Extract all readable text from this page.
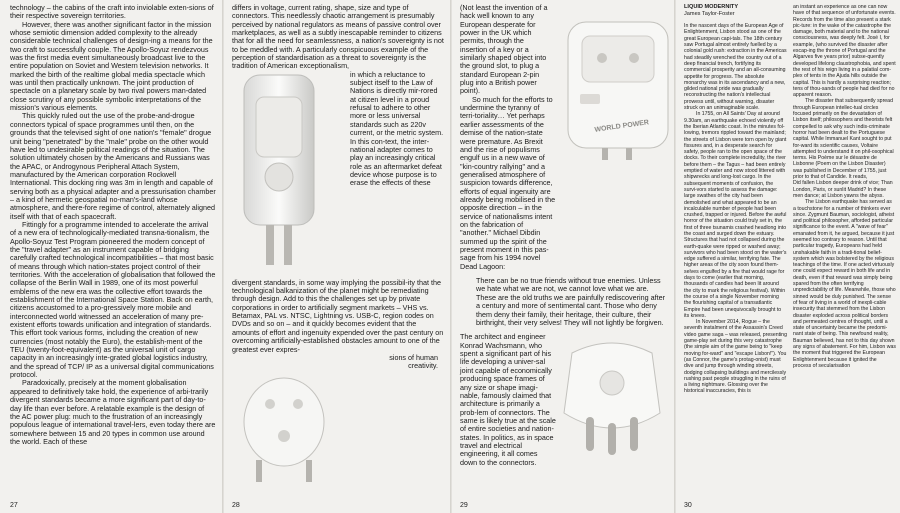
technology – the cabins of the craft into inviolable exten-sions of their respective sovereign territories.

However, there was another significant factor in the mission whose semiotic dimension added complexity to the already considerable technical challenges of design-ing a means for the two craft to successfully couple. The Apollo-Soyuz rendezvous was the first media event simultaneously broadcast live to the entire population on Soviet and Western television networks. It marked the birth of the realtime global media spectacle which was until then practically unknown. The joint production of spectacle on a planetary scale by two rival powers man-dated close scrutiny of any possible symbolic interpretations of the mission's various elements.

This quickly ruled out the use of the probe-and-drogue connectors typical of space programmes until then, on the grounds that the televised sight of one nation's "female" drogue unit being "penetrated" by the "male" probe on the other would have led to undesirable political readings of the situation. The solution ultimately chosen by the Americans and Russians was the APAC, or Androgynous Peripheral Attach System, manufactured by the American corporation Rockwell International. This docking ring was 3m in length and capable of serving both as a physical adapter and a pressurisation chamber – a kind of hermetic geospatial no-man's-land whose atmosphere, and there-fore regime of control, alternately aligned itself with that of each spacecraft.

Fittingly for a programme intended to accelerate the arrival of a new era of technologically-mediated transna-tionalism, the Apollo-Soyuz Test Program pioneered the modern concept of the "travel adapter" as an instrument capable of bridging carefully crafted technological incompatibilities – that most basic of means through which nation-states project control of their territories. With the acceleration of globalisation that followed the collapse of the Berlin Wall in 1989, one of its most powerful emblems of the new era was the collective effort towards the establishment of the International Space Station. Back on earth, citizens accustomed to a pro-gressively more mobile and interconnected world witnessed an acceleration of many pre-existent efforts towards unification and integration of standards. This effort took various forms, including the creation of new currencies (most notably the Euro), the establish-ment of the TEU (twenty-foot-equivalent) as the universal unit of cargo capacity in an increasingly inte-grated global logistics industry, and the spread of TCP/ IP as a universal digital communications protocol.

Paradoxically, precisely at the moment globalisation appeared to definitively take hold, the experience of arbi-trarily divergent standards became a more significant part of day-to-day life than ever before. A relatable example is the design of the AC power plug: much to the frustration of an increasingly populous league of international travel-lers, even today there are somewhere between 15 and 20 types in common use around the world. Each of these

27

differs in voltage, current rating, shape, size and type of connectors. This needlessly chaotic arrangement is presumably perceived by national regulators as means of passive control over marketplaces, as well as a subtly inescapable reminder to citizens that for all the need for seamlessness, a nation's sovereignty is not to be meddled with. A particularly conspicuous example of the perception of standardisation as a threat to sovereignty is the tradition of American exceptionalism,

in which a reluctance to subject itself to the Law of Nations is directly mir-rored at citizen level in a proud refusal to adhere to other more or less universal standards such as 220v current, or the metric system. In this con-text, the inter-national adapter comes to play an increasingly critical role as an aftermarket defeat device whose purpose is to erase the effects of these

divergent standards, in some way implying the possibil-ity that the technological balkanization of the planet might be remediating through design. Add to this the challenges set up by private corporations in order to artificially segment markets – VHS vs. Betamax, PAL vs. NTSC, Lightning vs. USB-C, region codes on DVDs and so on – and it quickly becomes evident that the amounts of effort and ingenuity expended over the past century on overcoming artificially-established obstacles amount to one of the greatest ever expres-

sions of human creativity.
28
WORLD POWER
(Not least the invention of a hack well known to any European desperate for power in the UK which permits, through the insertion of a key or a similarly shaped object into the ground slot, to plug a standard European 2-pin plug into a British power point).
So much for the efforts to undermine the tyranny of terri-toriality… Yet perhaps earlier assessments of the demise of the nation-state were premature. As Brexit and the rise of populisms engulf us in a new wave of "kin-country rallying" and a generalised atmosphere of suspicion towards difference, efforts of equal ingenuity are already being mobilised in the opposite direction – in the service of nationalisms intent on the fabrication of "another." Michael Dibdin summed up the spirit of the present moment in this pas-sage from his 1994 novel Dead Lagoon:
There can be no true friends without true enemies. Unless we hate what we are not, we cannot love what we are. These are the old truths we are painfully rediscovering after a century and more of sentimental cant. Those who deny them deny their family, their heritage, their culture, their birthright, their very selves! They will not lightly be forgiven.
The architect and engineer Konrad Wachsmann, who spent a significant part of his life developing a univer-sal joint capable of economically producing space frames of any size or shape imagi-nable, famously claimed that architecture is primarily a prob-lem of connectors. The same is likely true at the scale of entire societies and nation-states. In politics, as in space travel and electrical engineering, it all comes down to the connectors.
29
LIQUID MODERNITY
James Taylor-Foster

In the nascent days of the European Age of Enlightenment, Lisbon stood as one of the great European capi-tals. The 18th century saw Portugal almost entirely fuelled by a colonial gold rush: extraction in the Americas had steadily wrenched the country out of a deep financial trench, fortifying its commercial prosperity and an all-consuming appetite for progress. The absolute monarchy was in its ascendancy and a new, gilded national pride was gradually reconstructing the nation's intellectual prowess until, without warning, disaster struck on an unimaginable scale.

In 1755, on All Saints' Day at around 9.30am, an earthquake echoed violently off the Iberian Atlantic coast. In the minutes fol-lowing, tremors rippled toward the mainland; the streets of Lisbon were torn open by giant fissures and, in a desperate search for safety, people ran to the open space of the docks. To their complete incredulity, the river before them – the Tagus – had been entirely emptied of water and now stood littered with shipwrecks and long-lost cargo. In the subsequent moments of confusion, the survi-vors started to assess the damage: large swathes of the city had been demolished and what appeared to be an incalculable number of people had been crushed, trapped or injured. Before the awful horror of the situation could truly set in, the first of three tsunamis crashed headlong into the coast and surged down the estuary. Structures that had not collapsed during the earth-quake were ripped or washed away; survivors who had been stood on the water's edge suffered a similar, terrifying fate. The higher areas of the city soon found them-selves engulfed by a fire that would rage for days to come (earlier that morning, thousands of candles had been lit around the city to mark the religious festival). Within the course of a single November morning the flourishing capital of a transatlantic Empire had been unequivocally brought to its knees.

In November 2014, Rogue – the seventh instalment of the Assassin's Creed video game saga – was released, presenting game-play set during this very catastrophe (the simple aim of the game being to "keep moving for-ward" and "escape Lisbon!"). You (as Connor, the game's protag-onist) must dive and jump through winding streets, dodging collapsing buildings and mercilessly rushing past people struggling in the ruins of a living nightmare. Glossing over the historical inaccuracies, this is

an instant an experience as one can now have of that sequence of unfortunate events. Records from the time also present a stark pic-ture: in the wake of the catastrophe the damage, both material and to the national consciousness, was deeply felt. José I, for example, (who survived the disaster after escap-ing the throne of Portugal and the Algarves five years prior) subse-quently developed lifelong claustrophobia, and spent the rest of his reign living in a palatial com-plex of tents in the Ajuda hills outside the capital. This is hardly a surprising reaction; tens of thou-sands of people had died for no apparent reason.

The disaster that subsequently spread through European intellec-tual circles focused primarily on the devastation of Lisbon itself; philosophers and theorists felt compelled to ask why such indis-criminate horror had been dealt to the Portuguese capital. While Immanuel Kant sought to put for-ward its scientific causes, Voltaire attempted to understand it on phil-osophical terms. His Poème sur le désastre de Lisbonne (Poem on the Lisbon Disaster) was published in December of 1755, just prior to that of Candide. It reads,

Did fallen Lisbon deeper drink of vice; Than London, Paris, or sunlit Madrid? In these men dance; at Lisbon yawns the abyss.

The Lisbon earthquake has served as a touchstone for a number of thinkers ever since. Zygmunt Bauman, sociologist, atheist and political philosopher, afforded particular significance to the event. A "wave of fear" emanated from it, he argued, because it just seemed too contrary to reason. Until that particular tragedy, Europeans had held unshakable faith in a tradi-tional belief-system which was bolstered by the religious teachings of the time. If one acted virtuously one could expect reward in both life and in death, even if that reward was simply being spared from the often terrifying unpredictability of life. Meanwhile, those who sinned would be duly punished. The sense of fear of living in a world of inexpli-cable insecurity that stemmed from the Lisbon disaster exploded across political borders and permeated centres of thought, until a state of uncertainty became the predomi-nant state of being. This newfound reality, Bauman believed, has not to this day shown any signs of abatement. For him, Lisbon was the moment that triggered the European Enlightenment because it ignited the process of secularisation

30
